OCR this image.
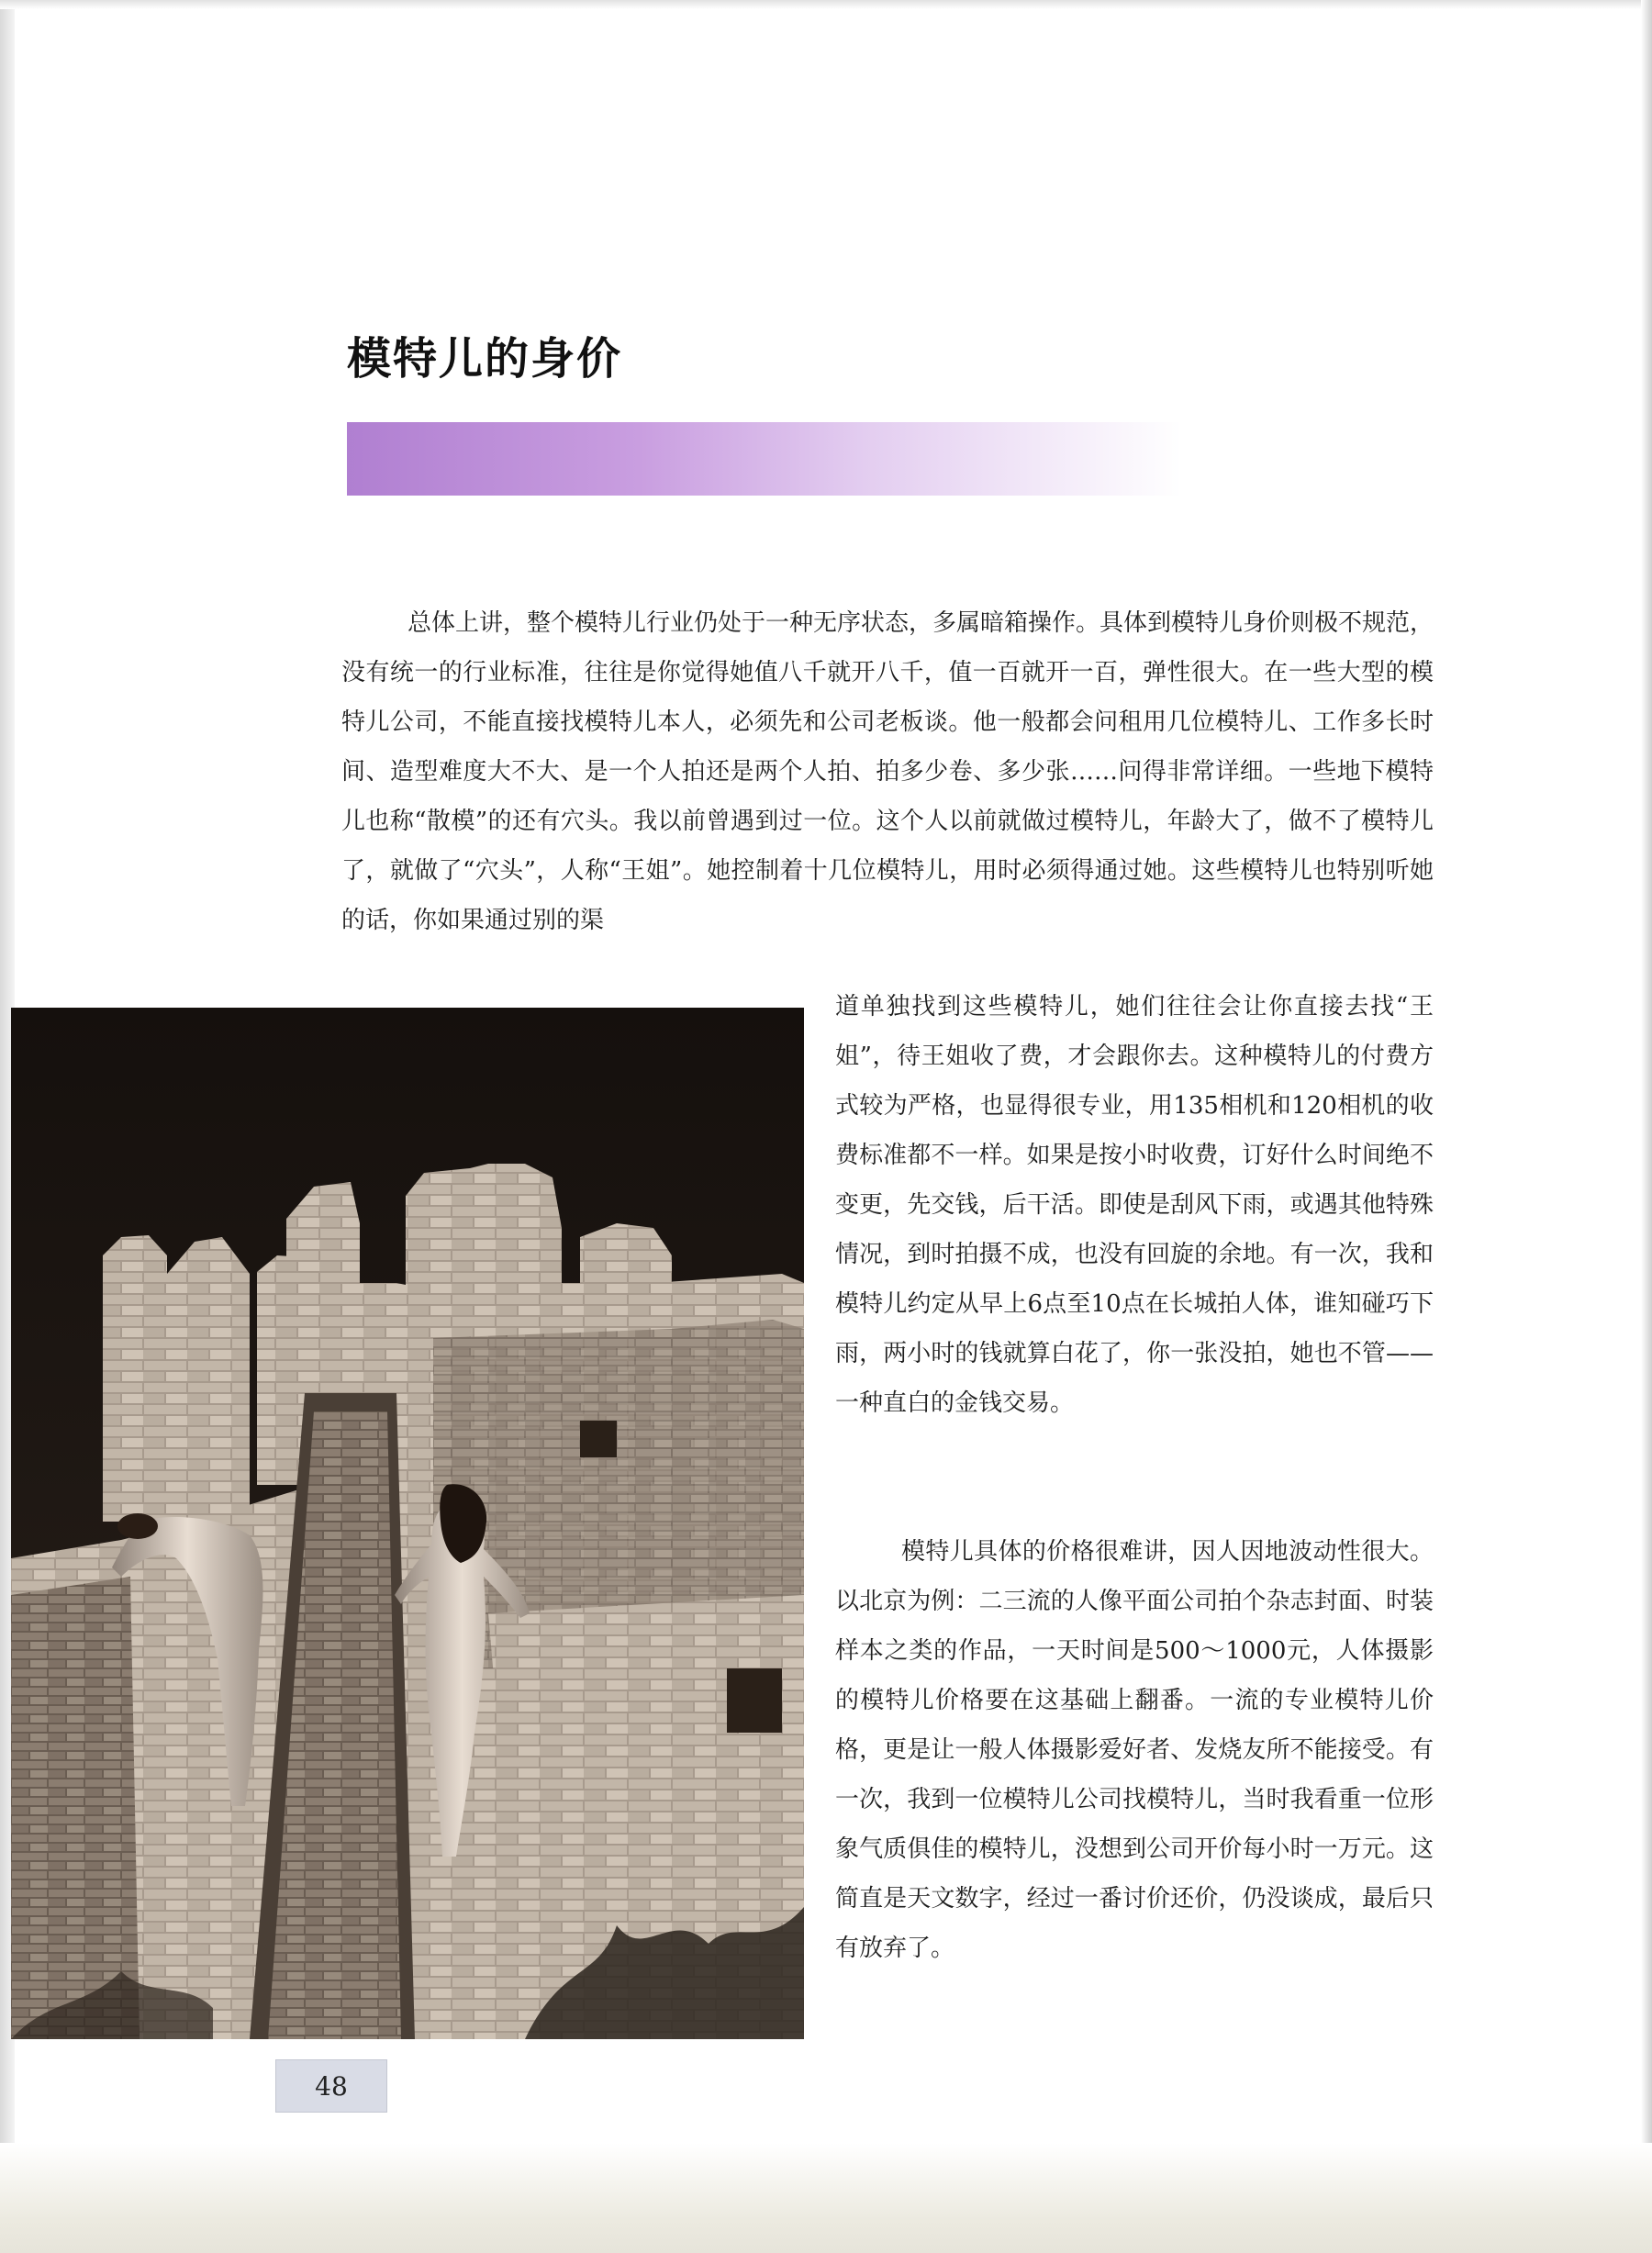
模特儿的身价

总体上讲，整个模特儿行业仍处于一种无序状态，多属暗箱操作。具体到模特儿身价则极不规范，没有统一的行业标准，往往是你觉得她值八千就开八千，值一百就开一百，弹性很大。在一些大型的模特儿公司，不能直接找模特儿本人，必须先和公司老板谈。他一般都会问租用几位模特儿、工作多长时间、造型难度大不大、是一个人拍还是两个人拍、拍多少卷、多少张……问得非常详细。一些地下模特儿也称“散模”的还有穴头。我以前曾遇到过一位。这个人以前就做过模特儿，年龄大了，做不了模特儿了，就做了“穴头”，人称“王姐”。她控制着十几位模特儿，用时必须得通过她。这些模特儿也特别听她的话，你如果通过别的渠

道单独找到这些模特儿，她们往往会让你直接去找“王姐”，待王姐收了费，才会跟你去。这种模特儿的付费方式较为严格，也显得很专业，用135相机和120相机的收费标准都不一样。如果是按小时收费，订好什么时间绝不变更，先交钱，后干活。即使是刮风下雨，或遇其他特殊情况，到时拍摄不成，也没有回旋的余地。有一次，我和模特儿约定从早上6点至10点在长城拍人体，谁知碰巧下雨，两小时的钱就算白花了，你一张没拍，她也不管——一种直白的金钱交易。

模特儿具体的价格很难讲，因人因地波动性很大。以北京为例：二三流的人像平面公司拍个杂志封面、时装样本之类的作品，一天时间是500～1000元，人体摄影的模特儿价格要在这基础上翻番。一流的专业模特儿价格，更是让一般人体摄影爱好者、发烧友所不能接受。有一次，我到一位模特儿公司找模特儿，当时我看重一位形象气质俱佳的模特儿，没想到公司开价每小时一万元。这简直是天文数字，经过一番讨价还价，仍没谈成，最后只有放弃了。

48
